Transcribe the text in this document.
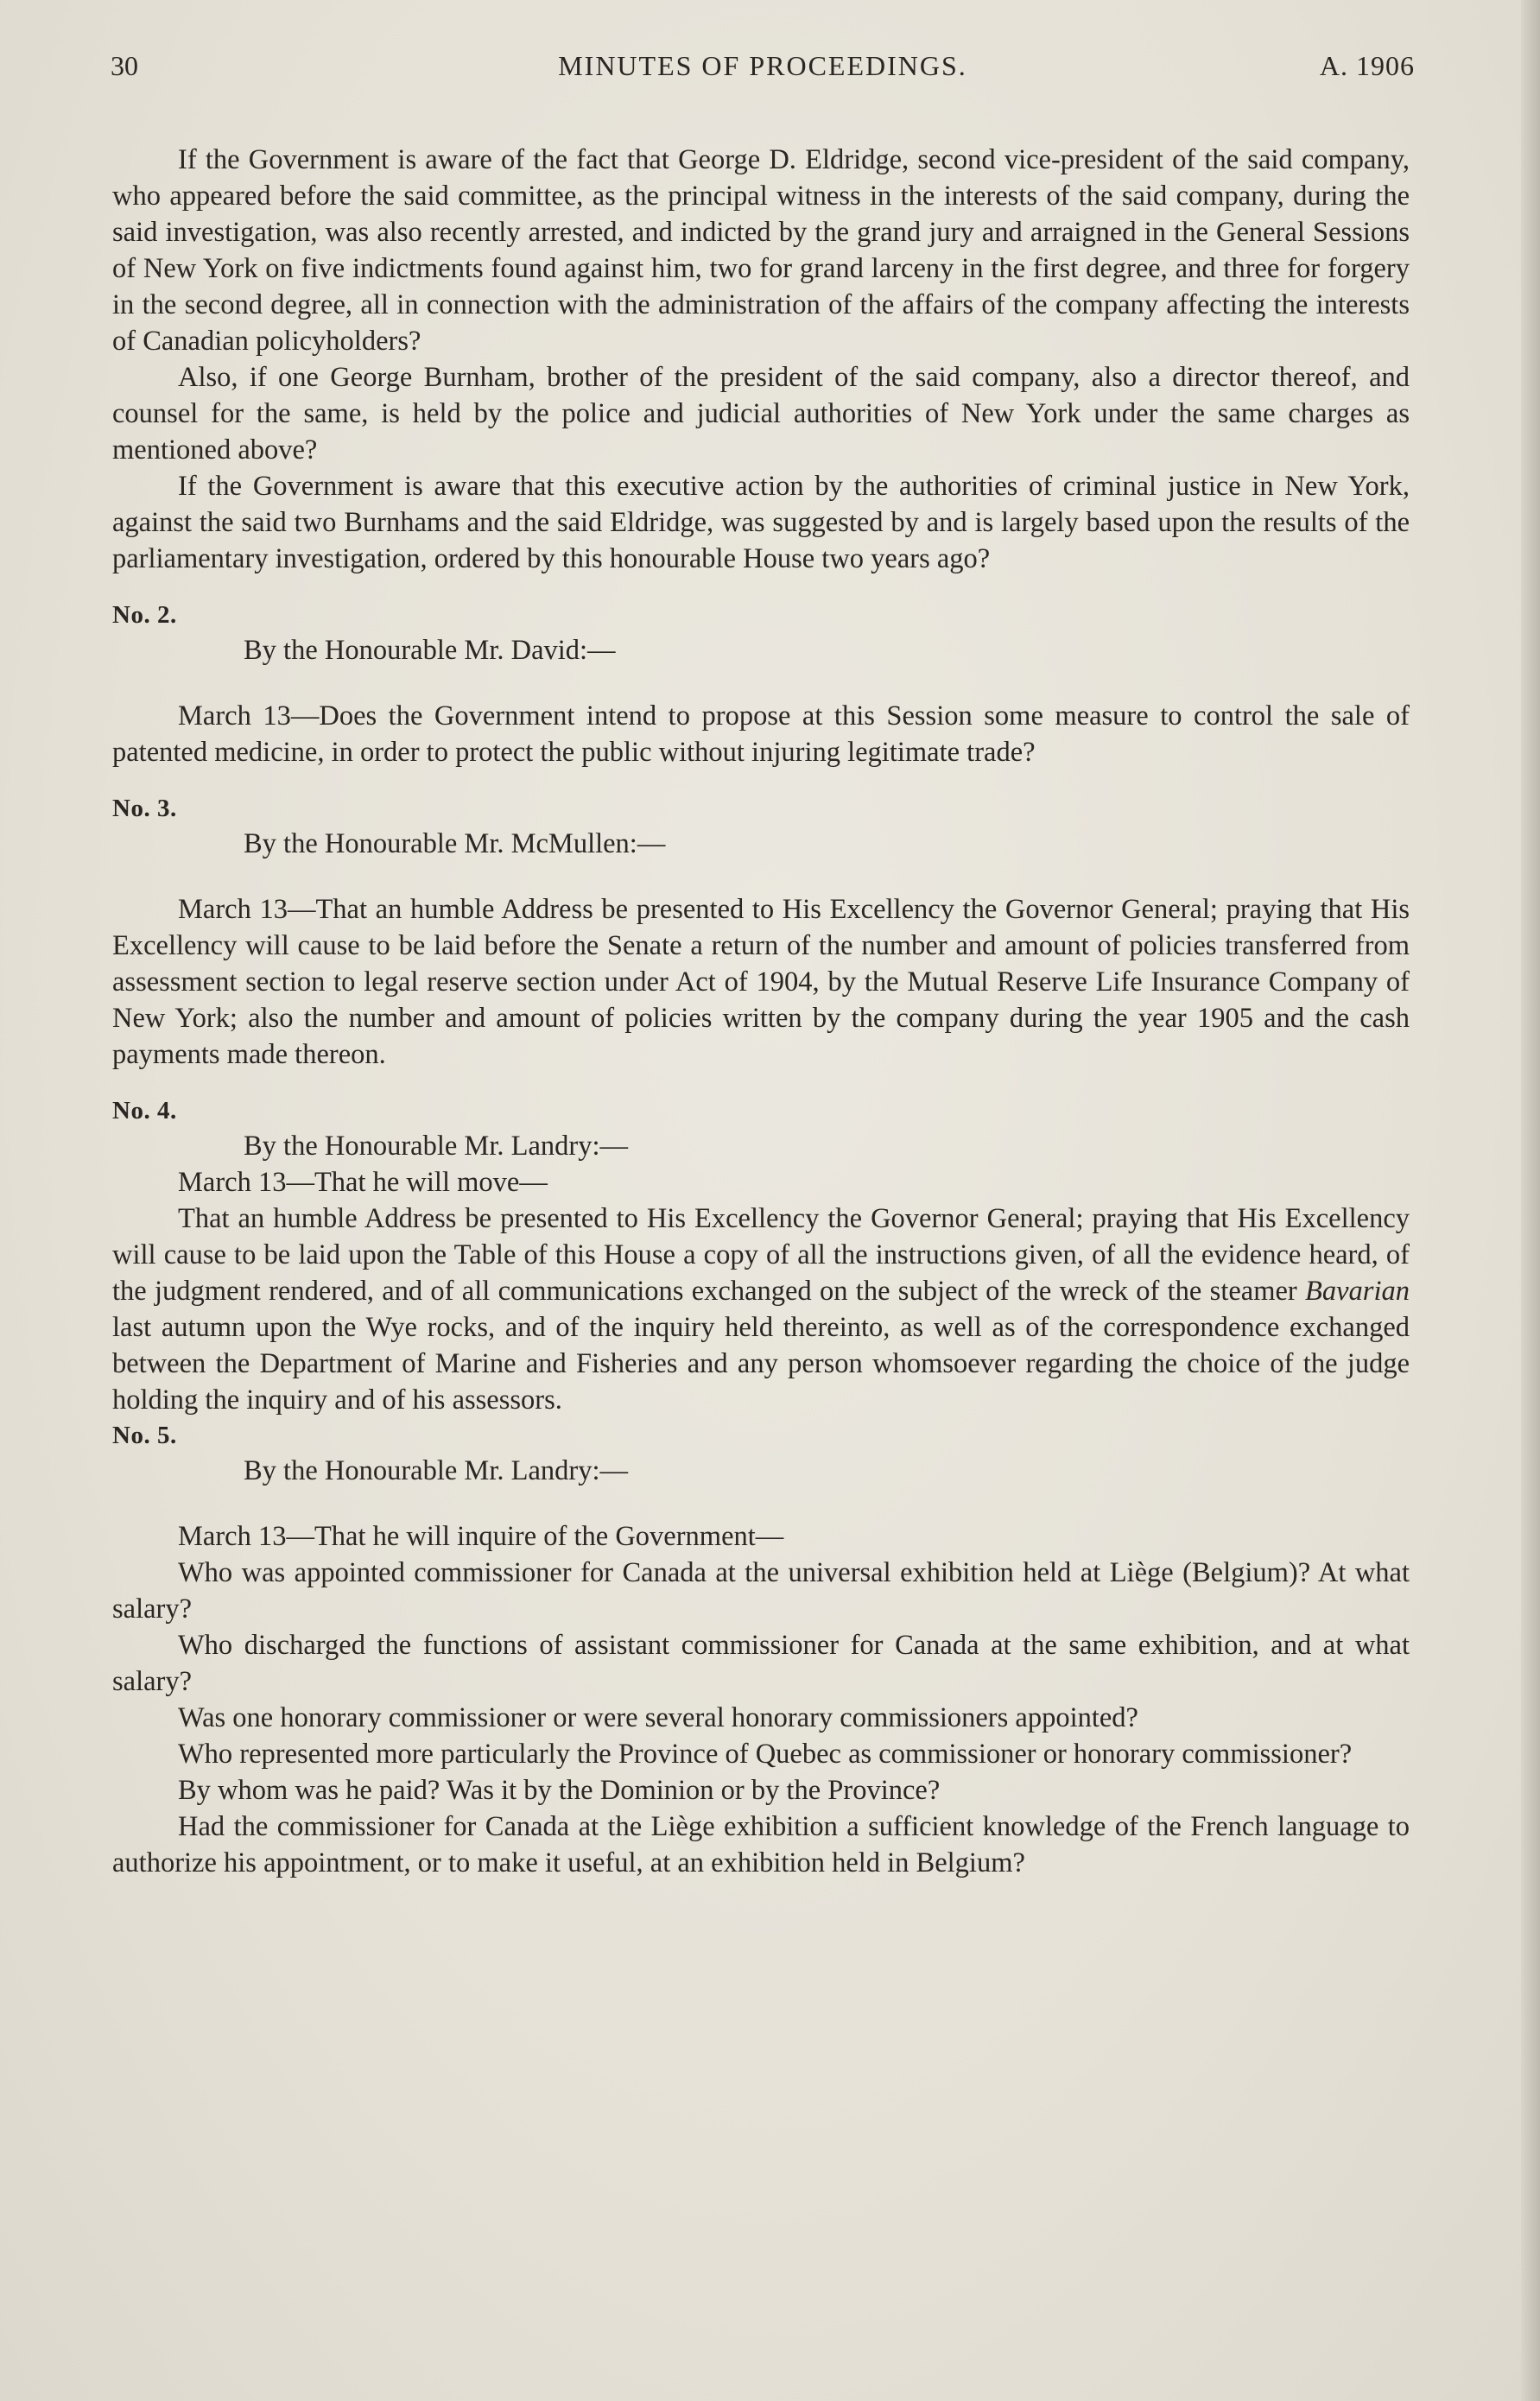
30	MINUTES OF PROCEEDINGS.	A. 1906

If the Government is aware of the fact that George D. Eldridge, second vice-president of the said company, who appeared before the said committee, as the principal witness in the interests of the said company, during the said investigation, was also recently arrested, and indicted by the grand jury and arraigned in the General Sessions of New York on five indictments found against him, two for grand larceny in the first degree, and three for forgery in the second degree, all in connection with the administration of the affairs of the company affecting the interests of Canadian policyholders?

Also, if one George Burnham, brother of the president of the said company, also a director thereof, and counsel for the same, is held by the police and judicial authorities of New York under the same charges as mentioned above?

If the Government is aware that this executive action by the authorities of criminal justice in New York, against the said two Burnhams and the said Eldridge, was suggested by and is largely based upon the results of the parliamentary investigation, ordered by this honourable House two years ago?

No. 2.

By the Honourable Mr. David:—

March 13—Does the Government intend to propose at this Session some measure to control the sale of patented medicine, in order to protect the public without injuring legitimate trade?

No. 3.

By the Honourable Mr. McMullen:—

March 13—That an humble Address be presented to His Excellency the Governor General; praying that His Excellency will cause to be laid before the Senate a return of the number and amount of policies transferred from assessment section to legal reserve section under Act of 1904, by the Mutual Reserve Life Insurance Company of New York; also the number and amount of policies written by the company during the year 1905 and the cash payments made thereon.

No. 4.

By the Honourable Mr. Landry:—

March 13—That he will move—

That an humble Address be presented to His Excellency the Governor General; praying that His Excellency will cause to be laid upon the Table of this House a copy of all the instructions given, of all the evidence heard, of the judgment rendered, and of all communications exchanged on the subject of the wreck of the steamer Bavarian last autumn upon the Wye rocks, and of the inquiry held thereinto, as well as of the correspondence exchanged between the Department of Marine and Fisheries and any person whomsoever regarding the choice of the judge holding the inquiry and of his assessors.

No. 5.

By the Honourable Mr. Landry:—

March 13—That he will inquire of the Government—

Who was appointed commissioner for Canada at the universal exhibition held at Liège (Belgium)? At what salary?

Who discharged the functions of assistant commissioner for Canada at the same exhibition, and at what salary?

Was one honorary commissioner or were several honorary commissioners appointed?

Who represented more particularly the Province of Quebec as commissioner or honorary commissioner?

By whom was he paid? Was it by the Dominion or by the Province?

Had the commissioner for Canada at the Liège exhibition a sufficient knowledge of the French language to authorize his appointment, or to make it useful, at an exhibition held in Belgium?
